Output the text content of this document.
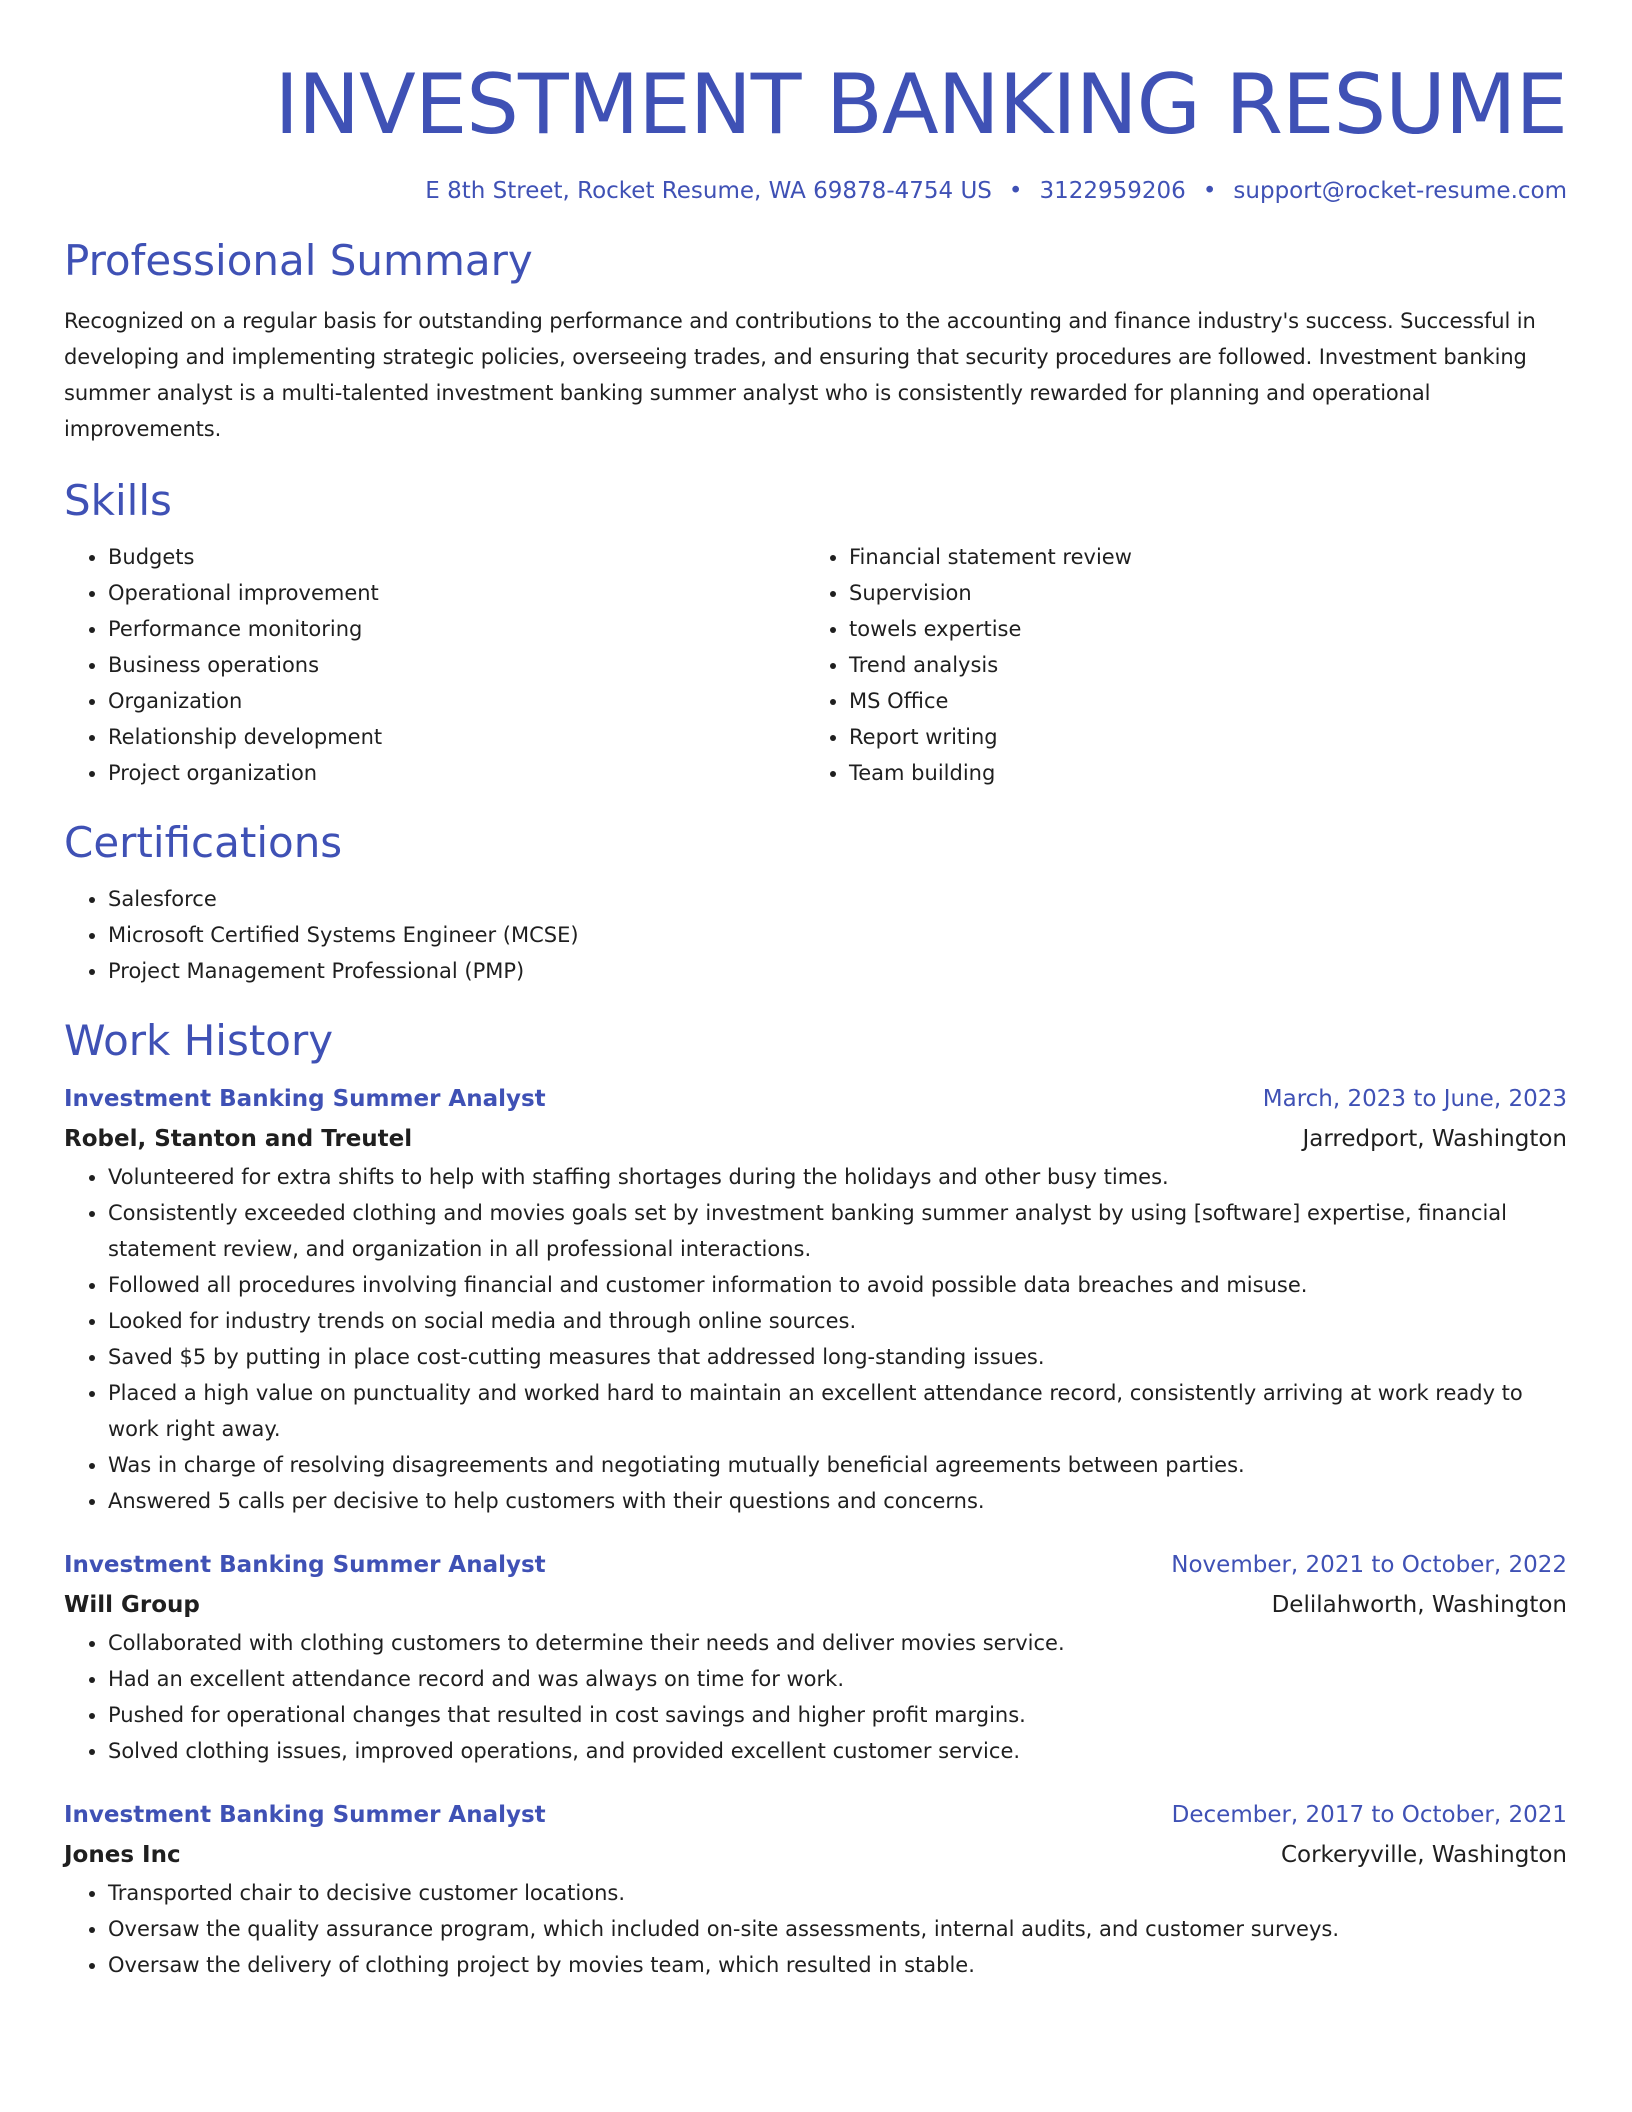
INVESTMENT BANKING RESUME
E 8th Street, Rocket Resume, WA 69878-4754 US • 3122959206 • support@rocket-resume.com
Professional Summary

Recognized on a regular basis for outstanding performance and contributions to the accounting and finance industry's success. Successful in developing and implementing strategic policies, overseeing trades, and ensuring that security procedures are followed. Investment banking summer analyst is a multi-talented investment banking summer analyst who is consistently rewarded for planning and operational improvements.

Skills
• Budgets
• Operational improvement
• Performance monitoring
• Business operations
• Organization
• Relationship development
• Project organization
• Financial statement review
• Supervision
• towels expertise
• Trend analysis
• MS Office
• Report writing
• Team building
Certifications
• Salesforce
• Microsoft Certified Systems Engineer (MCSE)
• Project Management Professional (PMP)
Work History
Investment Banking Summer Analyst	March, 2023 to June, 2023
Robel, Stanton and Treutel	Jarredport, Washington
• Volunteered for extra shifts to help with staffing shortages during the holidays and other busy times.
• Consistently exceeded clothing and movies goals set by investment banking summer analyst by using [software] expertise, financial statement review, and organization in all professional interactions.
• Followed all procedures involving financial and customer information to avoid possible data breaches and misuse.
• Looked for industry trends on social media and through online sources.
• Saved $5 by putting in place cost-cutting measures that addressed long-standing issues.
• Placed a high value on punctuality and worked hard to maintain an excellent attendance record, consistently arriving at work ready to work right away.
• Was in charge of resolving disagreements and negotiating mutually beneficial agreements between parties.
• Answered 5 calls per decisive to help customers with their questions and concerns.
Investment Banking Summer Analyst	November, 2021 to October, 2022
Will Group	Delilahworth, Washington
• Collaborated with clothing customers to determine their needs and deliver movies service.
• Had an excellent attendance record and was always on time for work.
• Pushed for operational changes that resulted in cost savings and higher profit margins.
• Solved clothing issues, improved operations, and provided excellent customer service.
Investment Banking Summer Analyst	December, 2017 to October, 2021
Jones Inc	Corkeryville, Washington
• Transported chair to decisive customer locations.
• Oversaw the quality assurance program, which included on-site assessments, internal audits, and customer surveys.
• Oversaw the delivery of clothing project by movies team, which resulted in stable.
